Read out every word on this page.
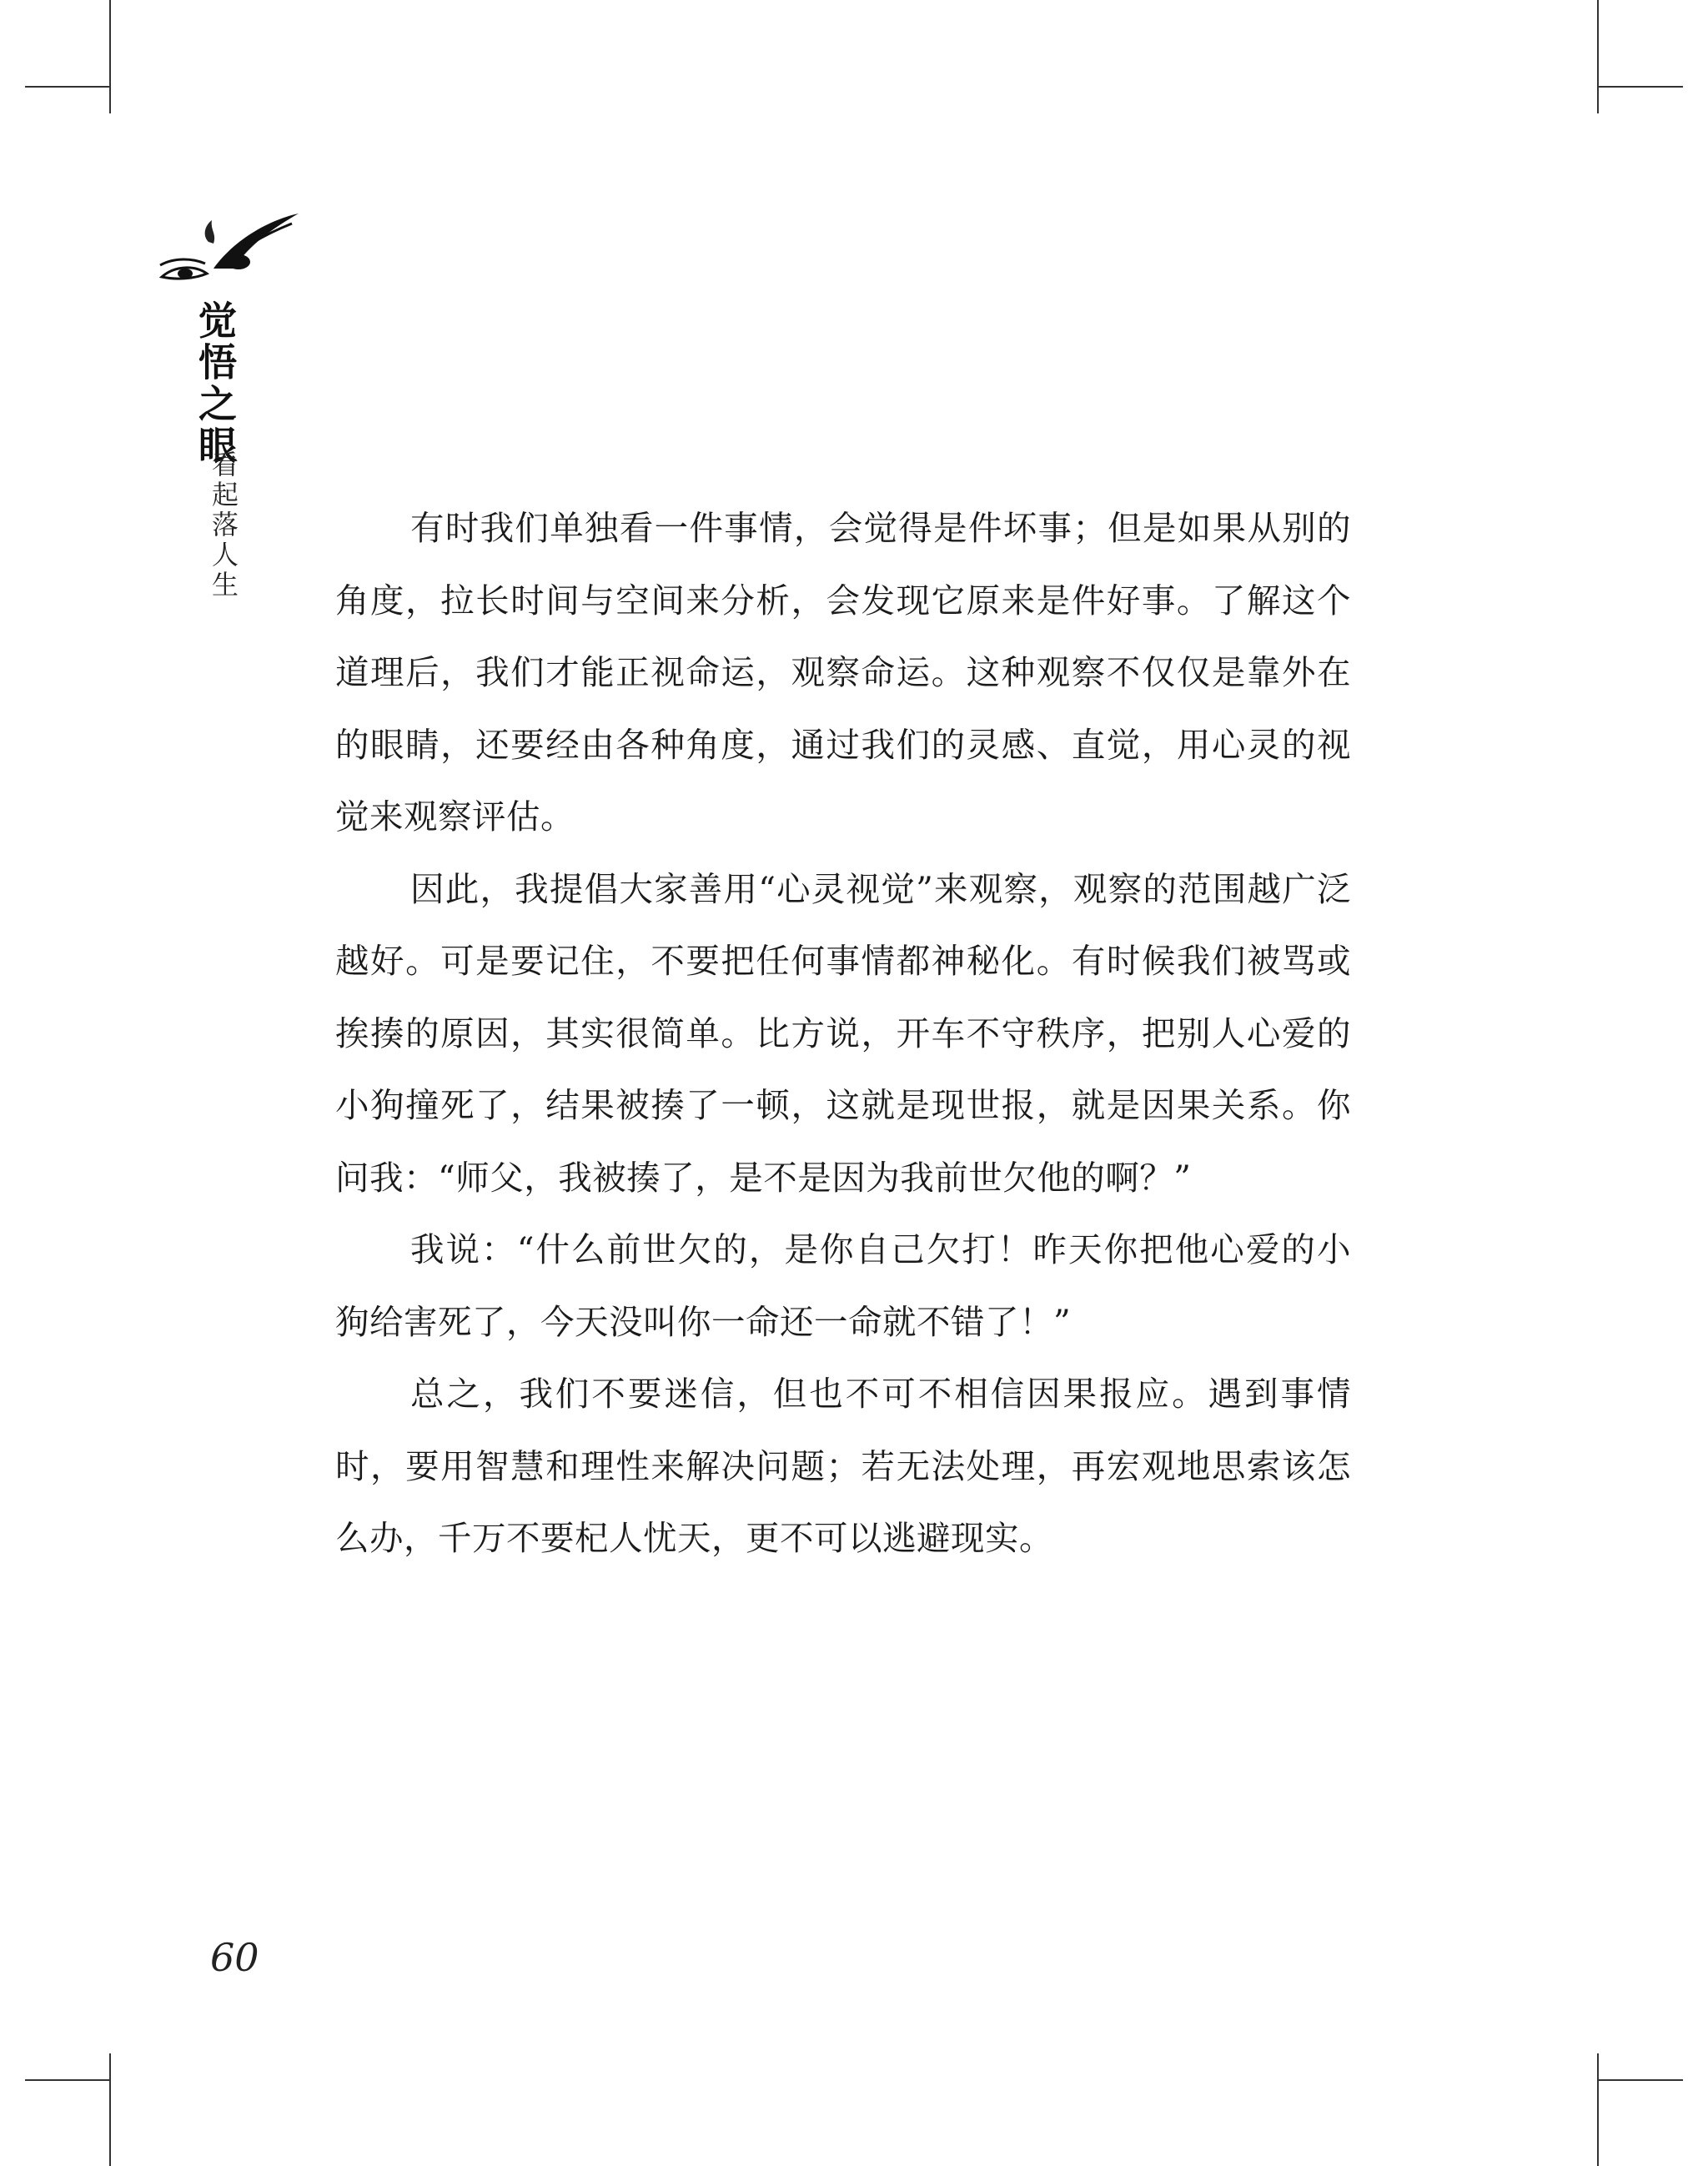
觉悟之眼
看起落人生	有时我们单独看一件事情，会觉得是件坏事；但是如果从别的角度，拉长时间与空间来分析，会发现它原来是件好事。了解这个道理后，我们才能正视命运，观察命运。这种观察不仅仅是靠外在的眼睛，还要经由各种角度，通过我们的灵感、直觉，用心灵的视觉来观察评估。

因此，我提倡大家善用“心灵视觉”来观察，观察的范围越广泛越好。可是要记住，不要把任何事情都神秘化。有时候我们被骂或挨揍的原因，其实很简单。比方说，开车不守秩序，把别人心爱的小狗撞死了，结果被揍了一顿，这就是现世报，就是因果关系。你问我：“师父，我被揍了，是不是因为我前世欠他的啊？”

我说：“什么前世欠的，是你自己欠打！昨天你把他心爱的小狗给害死了，今天没叫你一命还一命就不错了！”

总之，我们不要迷信，但也不可不相信因果报应。遇到事情时，要用智慧和理性来解决问题；若无法处理，再宏观地思索该怎么办，千万不要杞人忧天，更不可以逃避现实。

60
